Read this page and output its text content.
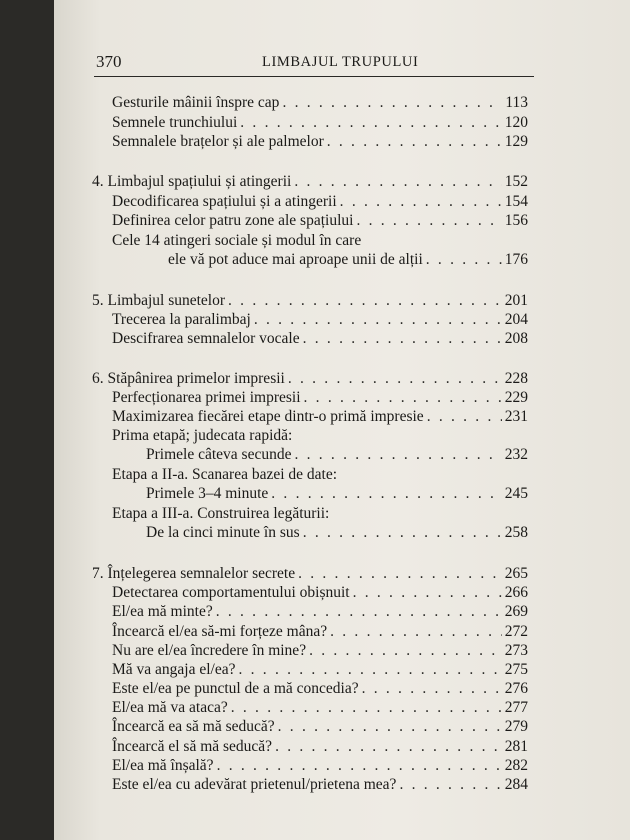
370	LIMBAJUL TRUPULUI
Gesturile mâinii înspre cap . . .	113
Semnele trunchiului . . .	120
Semnalele brațelor și ale palmelor . . .	129
4. Limbajul spațiului și atingerii . . .	152
Decodificarea spațiului și a atingerii . . .	154
Definirea celor patru zone ale spațiului . . .	156
Cele 14 atingeri sociale și modul în care
ele vă pot aduce mai aproape unii de alții . . .	176
5. Limbajul sunetelor . . .	201
Trecerea la paralimbaj . . .	204
Descifrarea semnalelor vocale . . .	208
6. Stăpânirea primelor impresii . . .	228
Perfecționarea primei impresii . . .	229
Maximizarea fiecărei etape dintr-o primă impresie . . .	231
Prima etapă; judecata rapidă:
Primele câteva secunde . . .	232
Etapa a II-a. Scanarea bazei de date:
Primele 3–4 minute . . .	245
Etapa a III-a. Construirea legăturii:
De la cinci minute în sus . . .	258
7. Înțelegerea semnalelor secrete . . .	265
Detectarea comportamentului obișnuit . . .	266
El/ea mă minte? . . .	269
Încearcă el/ea să-mi forțeze mâna? . . .	272
Nu are el/ea încredere în mine? . . .	273
Mă va angaja el/ea? . . .	275
Este el/ea pe punctul de a mă concedia? . . .	276
El/ea mă va ataca? . . .	277
Încearcă ea să mă seducă? . . .	279
Încearcă el să mă seducă? . . .	281
El/ea mă înșală? . . .	282
Este el/ea cu adevărat prietenul/prietena mea? . . .	284
